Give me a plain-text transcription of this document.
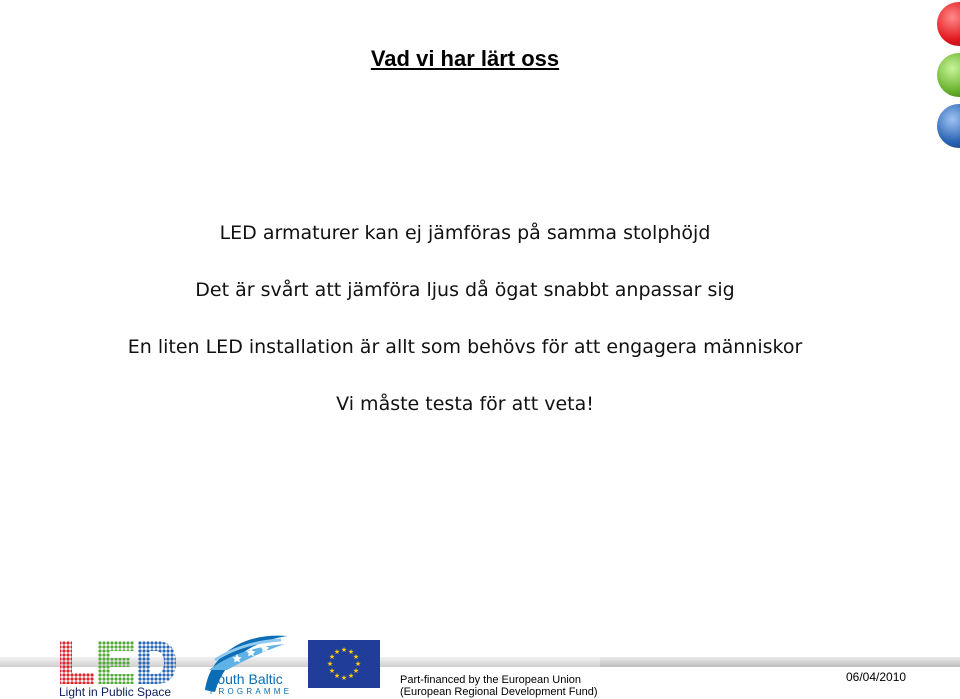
Vad vi har lärt oss
LED armaturer kan ej jämföras på samma stolphöjd
Det är svårt att jämföra ljus då ögat snabbt anpassar sig
En liten LED installation är allt som behövs för att engagera människor
Vi måste testa för att veta!
Light in Public Space
South Baltic
PROGRAMME
★ ★
★
★
★
★
★
★
★
★
★
★
Part-financed by the European Union
(European Regional Development Fund)
06/04/2010
